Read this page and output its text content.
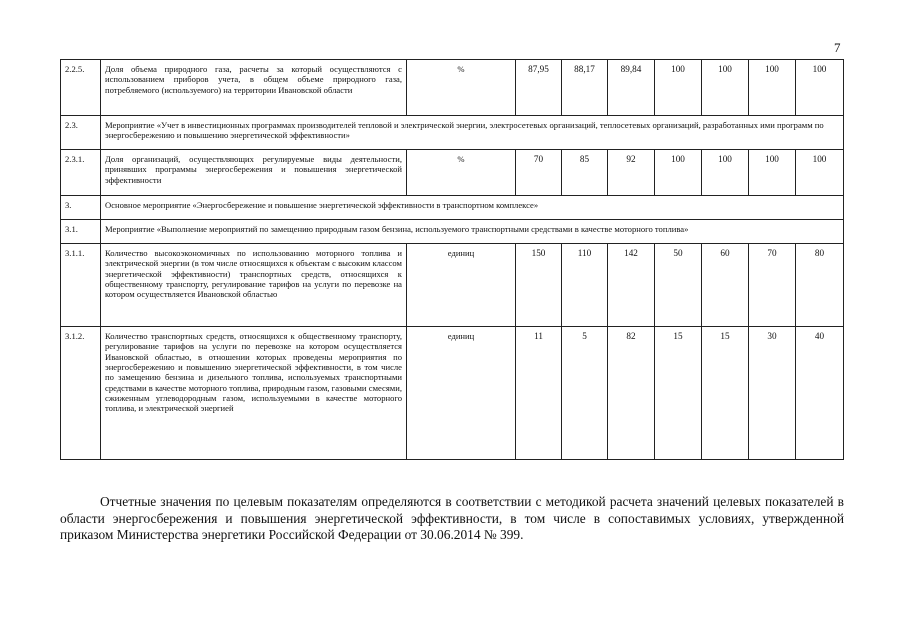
7
2.2.5.	Доля объема природного газа, расчеты за который осуществляются с использованием приборов учета, в общем объеме природного газа, потребляемого (используемого) на территории Ивановской области	%	87,95	88,17	89,84	100	100	100	100
2.3.	Мероприятие «Учет в инвестиционных программах производителей тепловой и электрической энергии, электросетевых организаций, теплосетевых организаций, разработанных ими программ по энергосбережению и повышению энергетической эффективности»								
2.3.1.	Доля организаций, осуществляющих регулируемые виды деятельности, принявших программы энергосбережения и повышения энергетической эффективности	%	70	85	92	100	100	100	100
3.	Основное мероприятие «Энергосбережение и повышение энергетической эффективности в транспортном комплексе»								
3.1.	Мероприятие «Выполнение мероприятий по замещению природным газом бензина, используемого транспортными средствами в качестве моторного топлива»								
3.1.1.	Количество высокоэкономичных по использованию моторного топлива и электрической энергии (в том числе относящихся к объектам с высоким классом энергетической эффективности) транспортных средств, относящихся к общественному транспорту, регулирование тарифов на услуги по перевозке на котором осуществляется Ивановской областью	единиц	150	110	142	50	60	70	80
3.1.2.	Количество транспортных средств, относящихся к общественному транспорту, регулирование тарифов на услуги по перевозке на котором осуществляется Ивановской областью, в отношении которых проведены мероприятия по энергосбережению и повышению энергетической эффективности, в том числе по замещению бензина и дизельного топлива, используемых транспортными средствами в качестве моторного топлива, природным газом, газовыми смесями, сжиженным углеводородным газом, используемыми в качестве моторного топлива, и электрической энергией	единиц	11	5	82	15	15	30	40
Отчетные значения по целевым показателям определяются в соответствии с методикой расчета значений целевых показателей в области энергосбережения и повышения энергетической эффективности, в том числе в сопоставимых условиях, утвержденной приказом Министерства энергетики Российской Федерации от 30.06.2014 № 399.
